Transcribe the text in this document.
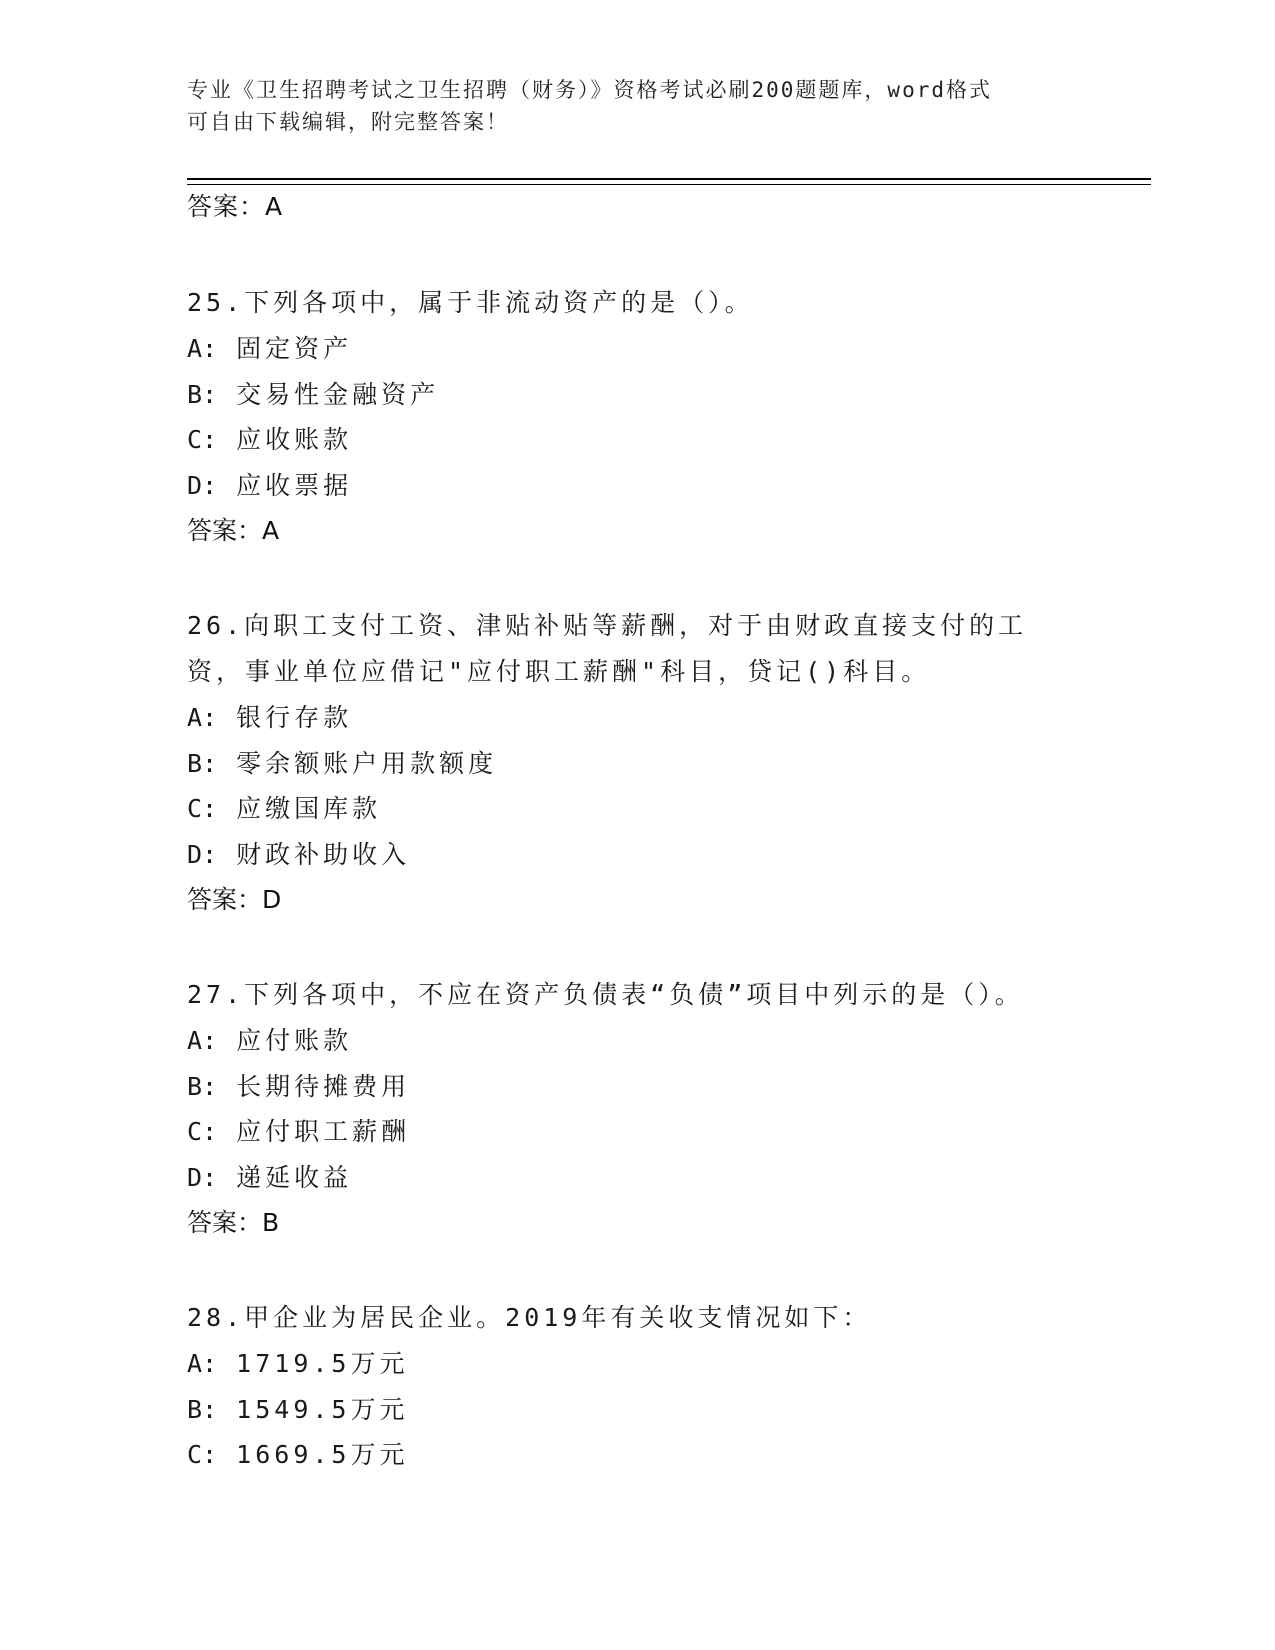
专业《卫生招聘考试之卫生招聘（财务）》资格考试必刷200题题库，word格式
可自由下载编辑，附完整答案！
答案：A
25.下列各项中，属于非流动资产的是（）。
A: 固定资产
B: 交易性金融资产
C: 应收账款
D: 应收票据
答案：A
26.向职工支付工资、津贴补贴等薪酬，对于由财政直接支付的工资，事业单位应借记"应付职工薪酬"科目，贷记()科目。
A: 银行存款
B: 零余额账户用款额度
C: 应缴国库款
D: 财政补助收入
答案：D
27.下列各项中，不应在资产负债表“负债”项目中列示的是（）。
A: 应付账款
B: 长期待摊费用
C: 应付职工薪酬
D: 递延收益
答案：B
28.甲企业为居民企业。2019年有关收支情况如下：
A: 1719.5万元
B: 1549.5万元
C: 1669.5万元
